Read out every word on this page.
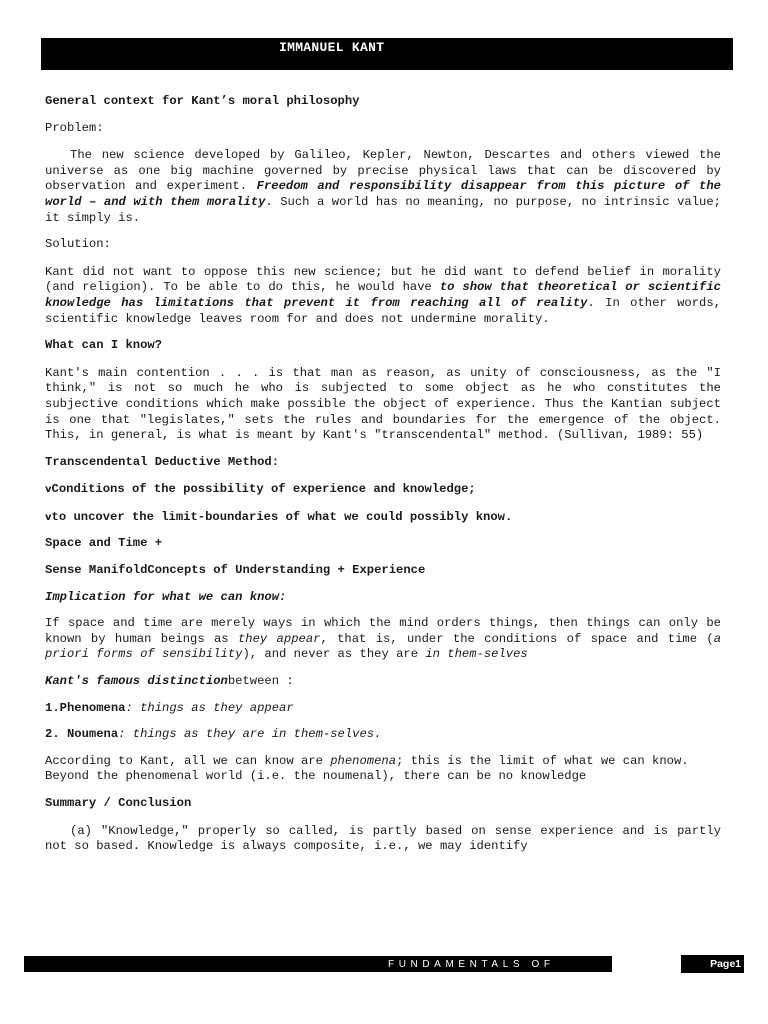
IMMANUEL KANT

General context for Kant’s moral philosophy

Problem:

The new science developed by Galileo, Kepler, Newton, Descartes and others viewed the universe as one big machine governed by precise physical laws that can be discovered by observation and experiment. Freedom and responsibility disappear from this picture of the world – and with them morality. Such a world has no meaning, no purpose, no intrinsic value; it simply is.

Solution:

Kant did not want to oppose this new science; but he did want to defend belief in morality (and religion). To be able to do this, he would have to show that theoretical or scientific knowledge has limitations that prevent it from reaching all of reality. In other words, scientific knowledge leaves room for and does not undermine morality.

What can I know?

Kant's main contention . . . is that man as reason, as unity of consciousness, as the "I think," is not so much he who is subjected to some object as he who constitutes the subjective conditions which make possible the object of experience. Thus the Kantian subject is one that "legislates," sets the rules and boundaries for the emergence of the object. This, in general, is what is meant by Kant's "transcendental" method. (Sullivan, 1989: 55)

Transcendental Deductive Method:

vConditions of the possibility of experience and knowledge;

vto uncover the limit-boundaries of what we could possibly know.

Space and Time +

Sense ManifoldConcepts of Understanding + Experience

Implication for what we can know:

If space and time are merely ways in which the mind orders things, then things can only be known by human beings as they appear, that is, under the conditions of space and time (a priori forms of sensibility), and never as they are in them-selves

Kant's famous distinctionbetween :

1.Phenomena: things as they appear

2. Noumena: things as they are in them-selves.

According to Kant, all we can know are phenomena; this is the limit of what we can know. Beyond the phenomenal world (i.e. the noumenal), there can be no knowledge

Summary / Conclusion

(a) "Knowledge," properly so called, is partly based on sense experience and is partly not so based. Knowledge is always composite, i.e., we may identify

FUNDAMENTALS OF ETHICS
Page1
